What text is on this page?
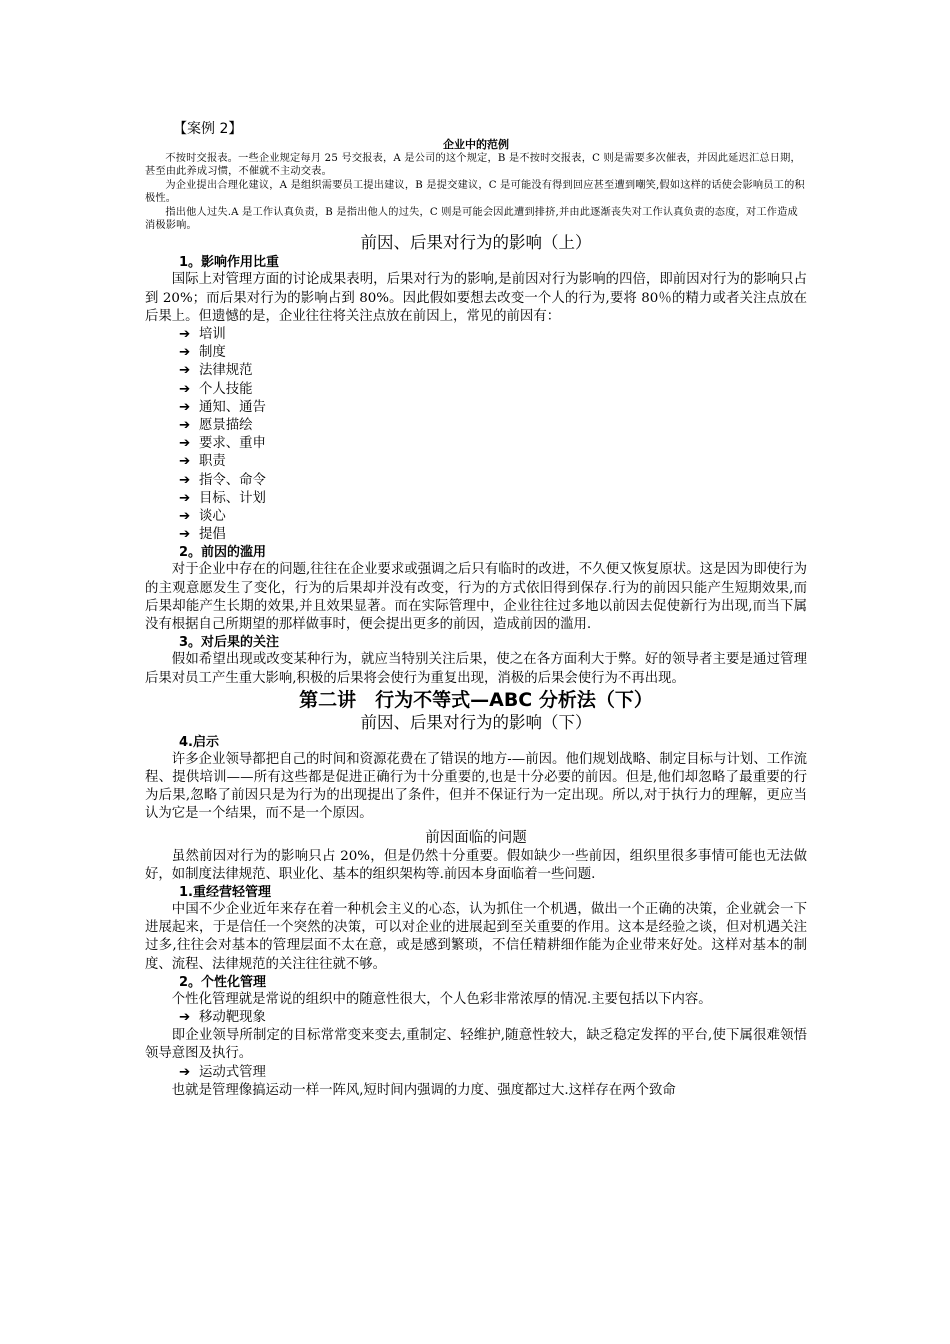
【案例 2】
企业中的范例

不按时交报表。一些企业规定每月 25 号交报表，A 是公司的这个规定，B 是不按时交报表，C 则是需要多次催表，并因此延迟汇总日期，甚至由此养成习惯，不催就不主动交表。

为企业提出合理化建议，A 是组织需要员工提出建议，B 是提交建议，C 是可能没有得到回应甚至遭到嘲笑,假如这样的话使会影响员工的积极性。

指出他人过失.A 是工作认真负责，B 是指出他人的过失，C 则是可能会因此遭到排挤,并由此逐渐丧失对工作认真负责的态度，对工作造成消极影响。

前因、后果对行为的影响（上）
1。影响作用比重

国际上对管理方面的讨论成果表明，后果对行为的影响,是前因对行为影响的四倍，即前因对行为的影响只占到 20%；而后果对行为的影响占到 80%。因此假如要想去改变一个人的行为,要将 80％的精力或者关注点放在后果上。但遗憾的是，企业往往将关注点放在前因上，常见的前因有：

➔ 培训
➔ 制度
➔ 法律规范
➔ 个人技能
➔ 通知、通告
➔ 愿景描绘
➔ 要求、重申
➔ 职责
➔ 指令、命令
➔ 目标、计划
➔ 谈心
➔ 提倡
2。前因的滥用

对于企业中存在的问题,往往在企业要求或强调之后只有临时的改进，不久便又恢复原状。这是因为即使行为的主观意愿发生了变化，行为的后果却并没有改变，行为的方式依旧得到保存.行为的前因只能产生短期效果,而后果却能产生长期的效果,并且效果显著。而在实际管理中，企业往往过多地以前因去促使新行为出现,而当下属没有根据自己所期望的那样做事时，便会提出更多的前因，造成前因的滥用.

3。对后果的关注

假如希望出现或改变某种行为，就应当特别关注后果，使之在各方面利大于弊。好的领导者主要是通过管理后果对员工产生重大影响,积极的后果将会使行为重复出现，消极的后果会使行为不再出现。

第二讲　行为不等式—ABC 分析法（下）
前因、后果对行为的影响（下）
4.启示

许多企业领导都把自己的时间和资源花费在了错误的地方-—前因。他们规划战略、制定目标与计划、工作流程、提供培训——所有这些都是促进正确行为十分重要的,也是十分必要的前因。但是,他们却忽略了最重要的行为后果,忽略了前因只是为行为的出现提出了条件，但并不保证行为一定出现。所以,对于执行力的理解，更应当认为它是一个结果，而不是一个原因。

前因面临的问题

虽然前因对行为的影响只占 20%，但是仍然十分重要。假如缺少一些前因，组织里很多事情可能也无法做好，如制度法律规范、职业化、基本的组织架构等.前因本身面临着一些问题.

1.重经营轻管理

中国不少企业近年来存在着一种机会主义的心态，认为抓住一个机遇，做出一个正确的决策，企业就会一下进展起来，于是信任一个突然的决策，可以对企业的进展起到至关重要的作用。这本是经验之谈，但对机遇关注过多,往往会对基本的管理层面不太在意，或是感到繁琐，不信任精耕细作能为企业带来好处。这样对基本的制度、流程、法律规范的关注往往就不够。

2。个性化管理

个性化管理就是常说的组织中的随意性很大，个人色彩非常浓厚的情况.主要包括以下内容。

➔ 移动靶现象

即企业领导所制定的目标常常变来变去,重制定、轻维护,随意性较大，缺乏稳定发挥的平台,使下属很难领悟领导意图及执行。

➔ 运动式管理

也就是管理像搞运动一样一阵风,短时间内强调的力度、强度都过大.这样存在两个致命
